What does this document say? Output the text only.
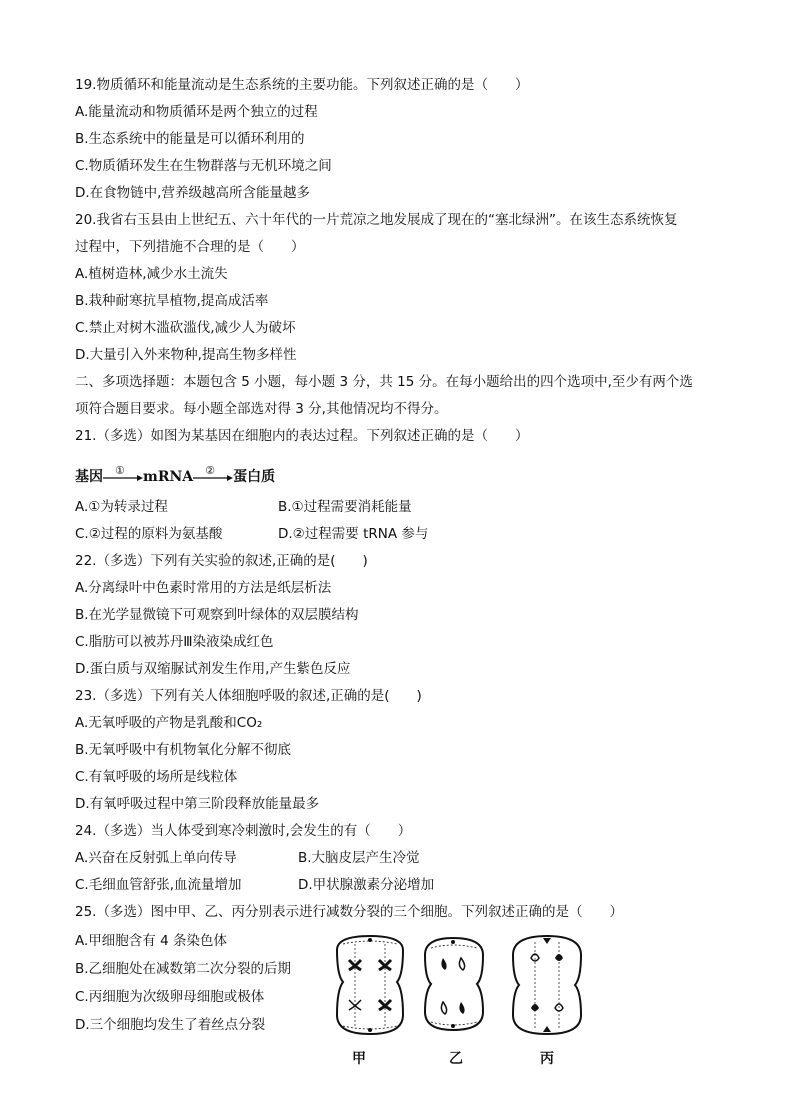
19.物质循环和能量流动是生态系统的主要功能。下列叙述正确的是（　　）
A.能量流动和物质循环是两个独立的过程
B.生态系统中的能量是可以循环利用的
C.物质循环发生在生物群落与无机环境之间
D.在食物链中,营养级越高所含能量越多
20.我省右玉县由上世纪五、六十年代的一片荒凉之地发展成了现在的“塞北绿洲”。在该生态系统恢复
过程中，下列措施不合理的是（　　）
A.植树造林,减少水土流失
B.栽种耐寒抗旱植物,提高成活率
C.禁止对树木滥砍滥伐,减少人为破坏
D.大量引入外来物种,提高生物多样性
二、多项选择题：本题包含 5 小题，每小题 3 分，共 15 分。在每小题给出的四个选项中,至少有两个选
项符合题目要求。每小题全部选对得 3 分,其他情况均不得分。
21.（多选）如图为某基因在细胞内的表达过程。下列叙述正确的是（　　）
基因 ① mRNA ② 蛋白质
A.①为转录过程	B.①过程需要消耗能量
C.②过程的原料为氨基酸	D.②过程需要 tRNA 参与
22.（多选）下列有关实验的叙述,正确的是(　　)
A.分离绿叶中色素时常用的方法是纸层析法
B.在光学显微镜下可观察到叶绿体的双层膜结构
C.脂肪可以被苏丹Ⅲ染液染成红色
D.蛋白质与双缩脲试剂发生作用,产生紫色反应
23.（多选）下列有关人体细胞呼吸的叙述,正确的是(　　)
A.无氧呼吸的产物是乳酸和CO₂
B.无氧呼吸中有机物氧化分解不彻底
C.有氧呼吸的场所是线粒体
D.有氧呼吸过程中第三阶段释放能量最多
24.（多选）当人体受到寒冷刺激时,会发生的有（　　）
A.兴奋在反射弧上单向传导	B.大脑皮层产生冷觉
C.毛细血管舒张,血流量增加	D.甲状腺激素分泌增加
25.（多选）图中甲、乙、丙分别表示进行减数分裂的三个细胞。下列叙述正确的是（　　）
A.甲细胞含有 4 条染色体
B.乙细胞处在减数第二次分裂的后期
C.丙细胞为次级卵母细胞或极体
D.三个细胞均发生了着丝点分裂
甲	乙	丙
